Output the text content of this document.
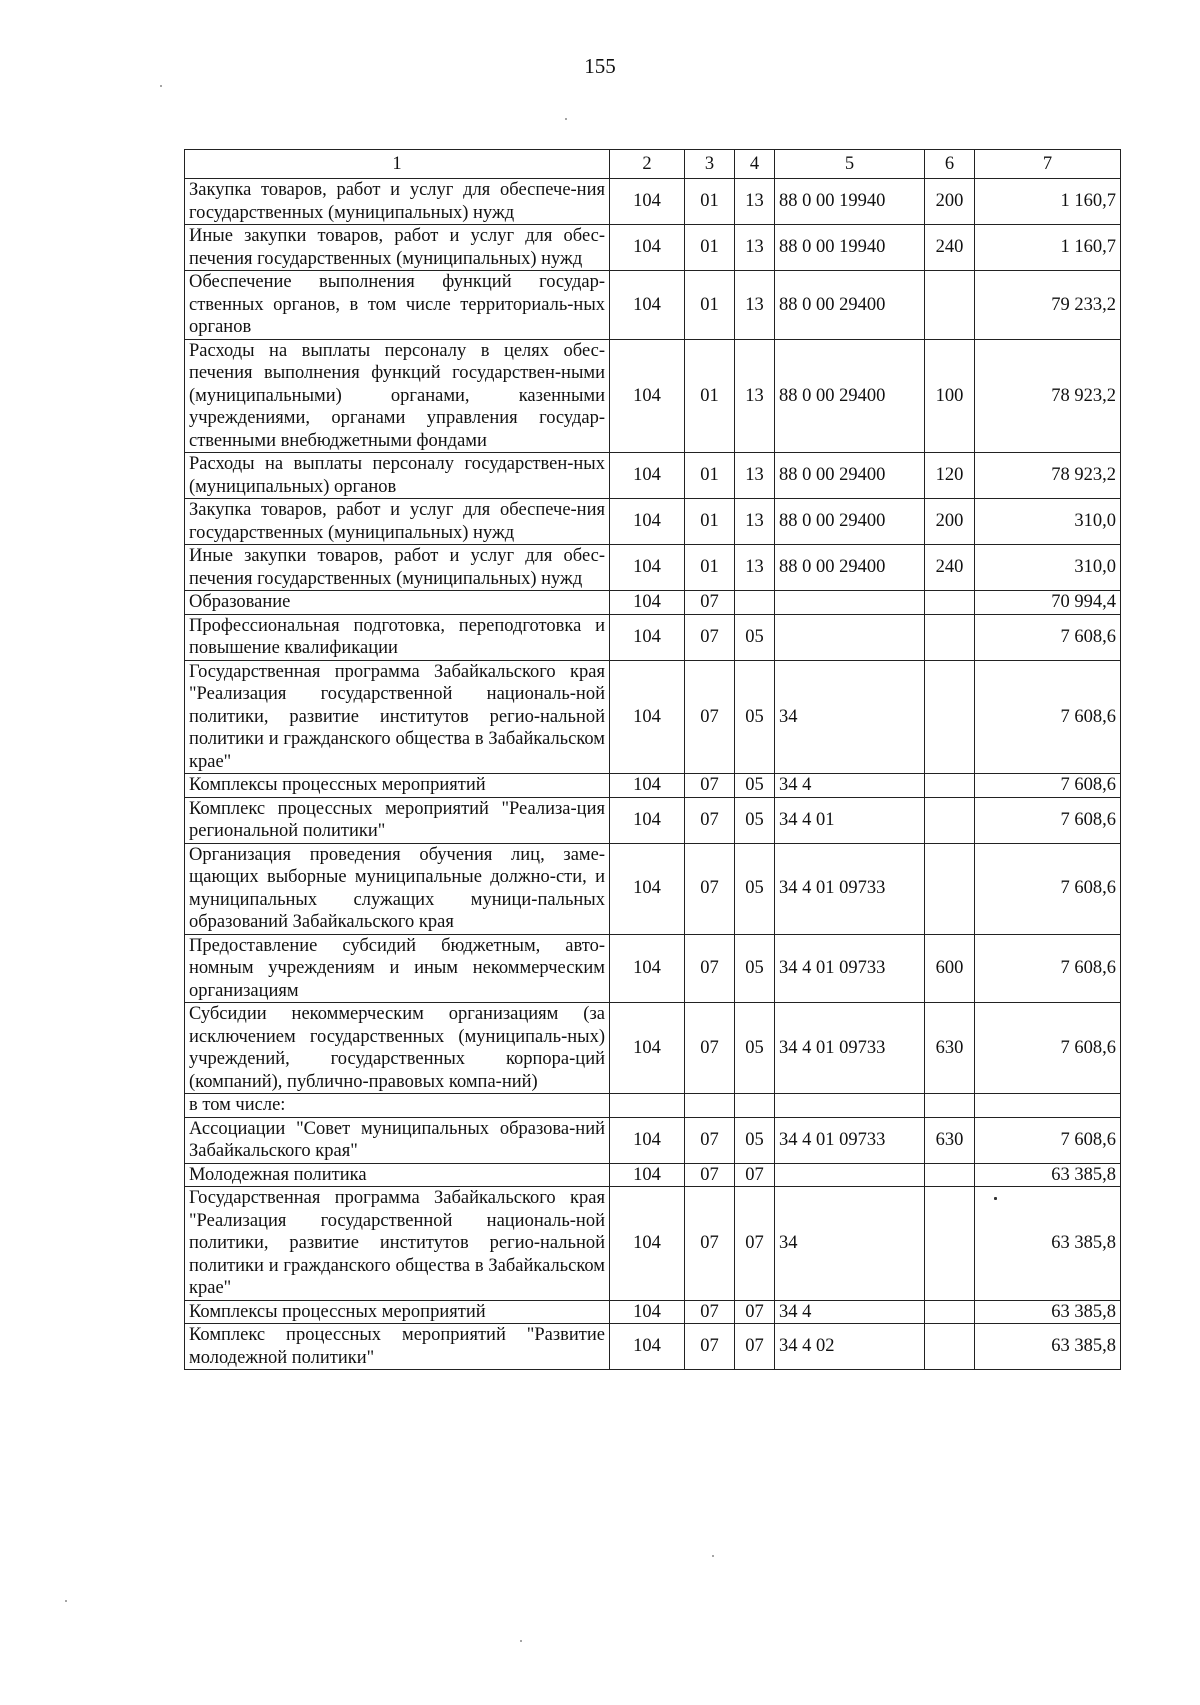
155
1	2	3	4	5	6	7
Закупка товаров, работ и услуг для обеспече-ния государственных (муниципальных) нужд	104	01	13	88 0 00 19940	200	1 160,7
Иные закупки товаров, работ и услуг для обес-печения государственных (муниципальных) нужд	104	01	13	88 0 00 19940	240	1 160,7
Обеспечение выполнения функций государ-ственных органов, в том числе территориаль-ных органов	104	01	13	88 0 00 29400		79 233,2
Расходы на выплаты персоналу в целях обес-печения выполнения функций государствен-ными (муниципальными) органами, казенными учреждениями, органами управления государ-ственными внебюджетными фондами	104	01	13	88 0 00 29400	100	78 923,2
Расходы на выплаты персоналу государствен-ных (муниципальных) органов	104	01	13	88 0 00 29400	120	78 923,2
Закупка товаров, работ и услуг для обеспече-ния государственных (муниципальных) нужд	104	01	13	88 0 00 29400	200	310,0
Иные закупки товаров, работ и услуг для обес-печения государственных (муниципальных) нужд	104	01	13	88 0 00 29400	240	310,0
Образование	104	07				70 994,4
Профессиональная подготовка, переподготовка и повышение квалификации	104	07	05			7 608,6
Государственная программа Забайкальского края "Реализация государственной националь-ной политики, развитие институтов регио-нальной политики и гражданского общества в Забайкальском крае"	104	07	05	34		7 608,6
Комплексы процессных мероприятий	104	07	05	34 4		7 608,6
Комплекс процессных мероприятий "Реализа-ция региональной политики"	104	07	05	34 4 01		7 608,6
Организация проведения обучения лиц, заме-щающих выборные муниципальные должно-сти, и муниципальных служащих муници-пальных образований Забайкальского края	104	07	05	34 4 01 09733		7 608,6
Предоставление субсидий бюджетным, авто-номным учреждениям и иным некоммерческим организациям	104	07	05	34 4 01 09733	600	7 608,6
Субсидии некоммерческим организациям (за исключением государственных (муниципаль-ных) учреждений, государственных корпора-ций (компаний), публично-правовых компа-ний)	104	07	05	34 4 01 09733	630	7 608,6
в том числе:						
Ассоциации "Совет муниципальных образова-ний Забайкальского края"	104	07	05	34 4 01 09733	630	7 608,6
Молодежная политика	104	07	07			63 385,8
Государственная программа Забайкальского края "Реализация государственной националь-ной политики, развитие институтов регио-нальной политики и гражданского общества в Забайкальском крае"	104	07	07	34		63 385,8
Комплексы процессных мероприятий	104	07	07	34 4		63 385,8
Комплекс процессных мероприятий "Развитие молодежной политики"	104	07	07	34 4 02		63 385,8
